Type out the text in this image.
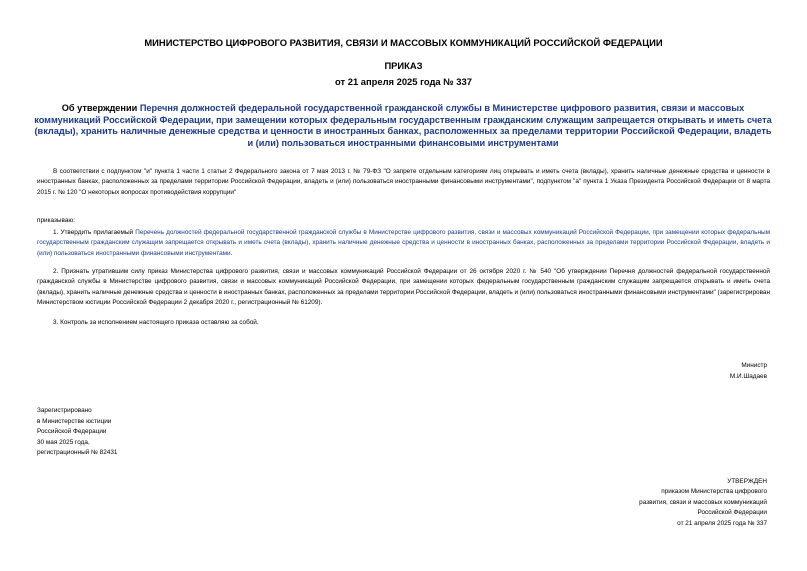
МИНИСТЕРСТВО ЦИФРОВОГО РАЗВИТИЯ, СВЯЗИ И МАССОВЫХ КОММУНИКАЦИЙ РОССИЙСКОЙ ФЕДЕРАЦИИ
ПРИКАЗ
от 21 апреля 2025 года № 337
Об утверждении Перечня должностей федеральной государственной гражданской службы в Министерстве цифрового развития, связи и массовых коммуникаций Российской Федерации, при замещении которых федеральным государственным гражданским служащим запрещается открывать и иметь счета (вклады), хранить наличные денежные средства и ценности в иностранных банках, расположенных за пределами территории Российской Федерации, владеть и (или) пользоваться иностранными финансовыми инструментами
В соответствии с подпунктом "и" пункта 1 части 1 статьи 2 Федерального закона от 7 мая 2013 г. № 79-ФЗ "О запрете отдельным категориям лиц открывать и иметь счета (вклады), хранить наличные денежные средства и ценности в иностранных банках, расположенных за пределами территории Российской Федерации, владеть и (или) пользоваться иностранными финансовыми инструментами", подпунктом "а" пункта 1 Указа Президента Российской Федерации от 8 марта 2015 г. № 120 "О некоторых вопросах противодействия коррупции"
приказываю:
1. Утвердить прилагаемый Перечень должностей федеральной государственной гражданской службы в Министерстве цифрового развития, связи и массовых коммуникаций Российской Федерации, при замещении которых федеральным государственным гражданским служащим запрещается открывать и иметь счета (вклады), хранить наличные денежные средства и ценности в иностранных банках, расположенных за пределами территории Российской Федерации, владеть и (или) пользоваться иностранными финансовыми инструментами.
2. Признать утратившим силу приказ Министерства цифрового развития, связи и массовых коммуникаций Российской Федерации от 26 октября 2020 г. № 540 "Об утверждении Перечня должностей федеральной государственной гражданской службы в Министерстве цифрового развития, связи и массовых коммуникаций Российской Федерации, при замещении которых федеральным государственным гражданским служащим запрещается открывать и иметь счета (вклады), хранить наличные денежные средства и ценности в иностранных банках, расположенных за пределами территории Российской Федерации, владеть и (или) пользоваться иностранными финансовыми инструментами" (зарегистрирован Министерством юстиции Российской Федерации 2 декабря 2020 г., регистрационный № 61209).
3. Контроль за исполнением настоящего приказа оставляю за собой.
Министр
М.И.Шадаев
Зарегистрировано
в Министерстве юстиции
Российской Федерации
30 мая 2025 года,
регистрационный № 82431
УТВЕРЖДЕН
приказом Министерства цифрового
развития, связи и массовых коммуникаций
Российской Федерации
от 21 апреля 2025 года № 337
